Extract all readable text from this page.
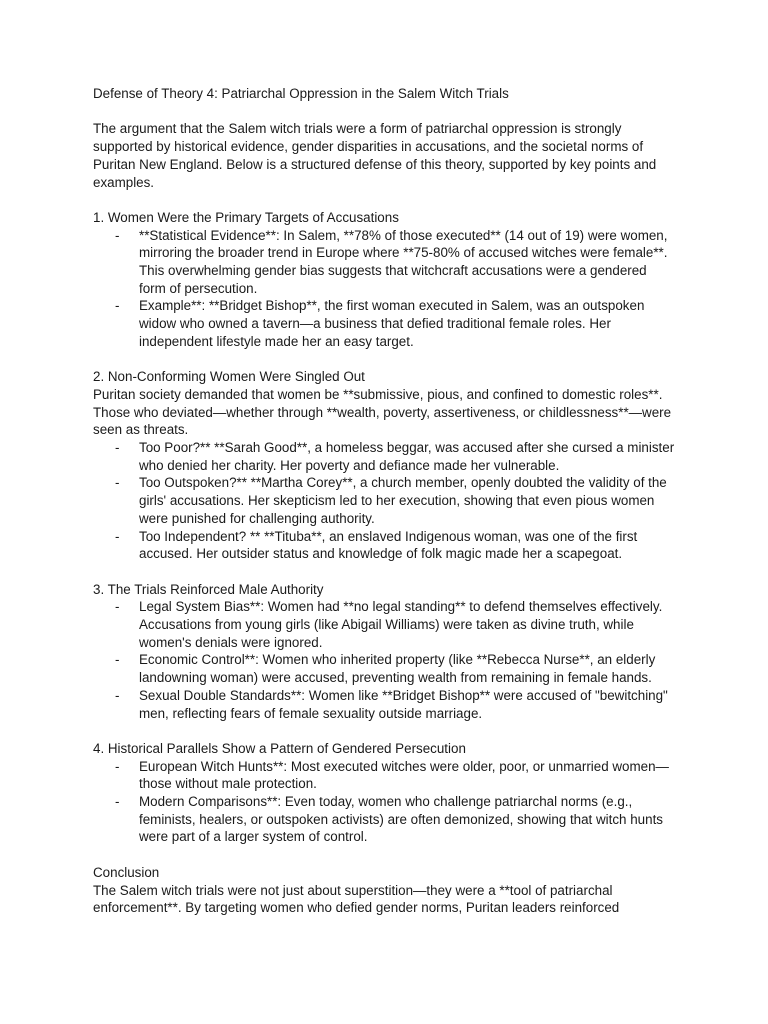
Defense of Theory 4: Patriarchal Oppression in the Salem Witch Trials

The argument that the Salem witch trials were a form of patriarchal oppression is strongly supported by historical evidence, gender disparities in accusations, and the societal norms of Puritan New England. Below is a structured defense of this theory, supported by key points and examples.

1. Women Were the Primary Targets of Accusations
- **Statistical Evidence**: In Salem, **78% of those executed** (14 out of 19) were women, mirroring the broader trend in Europe where **75-80% of accused witches were female**. This overwhelming gender bias suggests that witchcraft accusations were a gendered form of persecution.
- Example**: **Bridget Bishop**, the first woman executed in Salem, was an outspoken widow who owned a tavern—a business that defied traditional female roles. Her independent lifestyle made her an easy target.
2. Non-Conforming Women Were Singled Out

Puritan society demanded that women be **submissive, pious, and confined to domestic roles**. Those who deviated—whether through **wealth, poverty, assertiveness, or childlessness**—were seen as threats.

- Too Poor?** **Sarah Good**, a homeless beggar, was accused after she cursed a minister who denied her charity. Her poverty and defiance made her vulnerable.
- Too Outspoken?** **Martha Corey**, a church member, openly doubted the validity of the girls' accusations. Her skepticism led to her execution, showing that even pious women were punished for challenging authority.
- Too Independent? ** **Tituba**, an enslaved Indigenous woman, was one of the first accused. Her outsider status and knowledge of folk magic made her a scapegoat.
3. The Trials Reinforced Male Authority
- Legal System Bias**: Women had **no legal standing** to defend themselves effectively. Accusations from young girls (like Abigail Williams) were taken as divine truth, while women's denials were ignored.
- Economic Control**: Women who inherited property (like **Rebecca Nurse**, an elderly landowning woman) were accused, preventing wealth from remaining in female hands.
- Sexual Double Standards**: Women like **Bridget Bishop** were accused of "bewitching" men, reflecting fears of female sexuality outside marriage.
4. Historical Parallels Show a Pattern of Gendered Persecution
- European Witch Hunts**: Most executed witches were older, poor, or unmarried women—those without male protection.
- Modern Comparisons**: Even today, women who challenge patriarchal norms (e.g., feminists, healers, or outspoken activists) are often demonized, showing that witch hunts were part of a larger system of control.
Conclusion

The Salem witch trials were not just about superstition—they were a **tool of patriarchal enforcement**. By targeting women who defied gender norms, Puritan leaders reinforced
